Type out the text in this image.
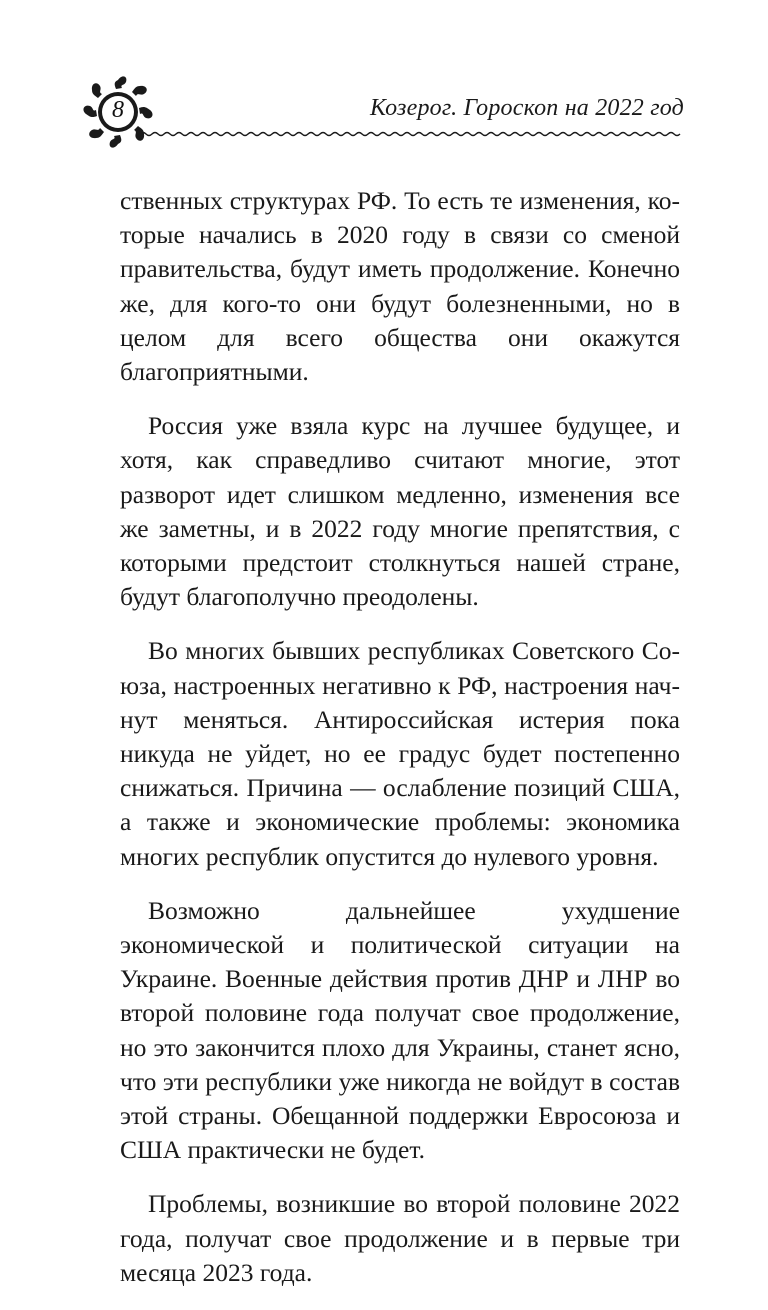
8	Козерог. Гороскоп на 2022 год

ственных структурах РФ. То есть те изменения, которые начались в 2020 году в связи со сменой правительства, будут иметь продолжение. Конечно же, для кого-то они будут болезненными, но в целом для всего общества они окажутся благоприятными.

Россия уже взяла курс на лучшее будущее, и хотя, как справедливо считают многие, этот разворот идет слишком медленно, изменения все же заметны, и в 2022 году многие препятствия, с которыми предстоит столкнуться нашей стране, будут благополучно преодолены.

Во многих бывших республиках Советского Союза, настроенных негативно к РФ, настроения начнут меняться. Антироссийская истерия пока никуда не уйдет, но ее градус будет постепенно снижаться. Причина — ослабление позиций США, а также и экономические проблемы: экономика многих республик опустится до нулевого уровня.

Возможно дальнейшее ухудшение экономической и политической ситуации на Украине. Военные действия против ДНР и ЛНР во второй половине года получат свое продолжение, но это закончится плохо для Украины, станет ясно, что эти республики уже никогда не войдут в состав этой страны. Обещанной поддержки Евросоюза и США практически не будет.

Проблемы, возникшие во второй половине 2022 года, получат свое продолжение и в первые три месяца 2023 года.
